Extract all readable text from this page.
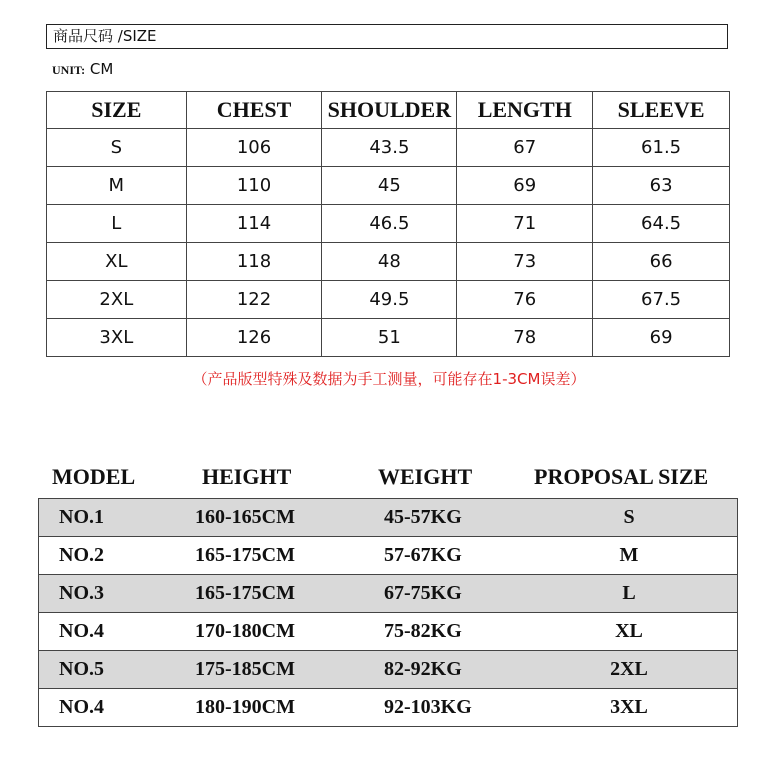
商品尺码 /SIZE
UNIT: CM
SIZE	CHEST	SHOULDER	LENGTH	SLEEVE
S	106	43.5	67	61.5
M	110	45	69	63
L	114	46.5	71	64.5
XL	118	48	73	66
2XL	122	49.5	76	67.5
3XL	126	51	78	69
（产品版型特殊及数据为手工测量，可能存在1-3CM误差）
MODEL	HEIGHT	WEIGHT	PROPOSAL SIZE
NO.1	160-165CM	45-57KG	S
NO.2	165-175CM	57-67KG	M
NO.3	165-175CM	67-75KG	L
NO.4	170-180CM	75-82KG	XL
NO.5	175-185CM	82-92KG	2XL
NO.4	180-190CM	92-103KG	3XL
